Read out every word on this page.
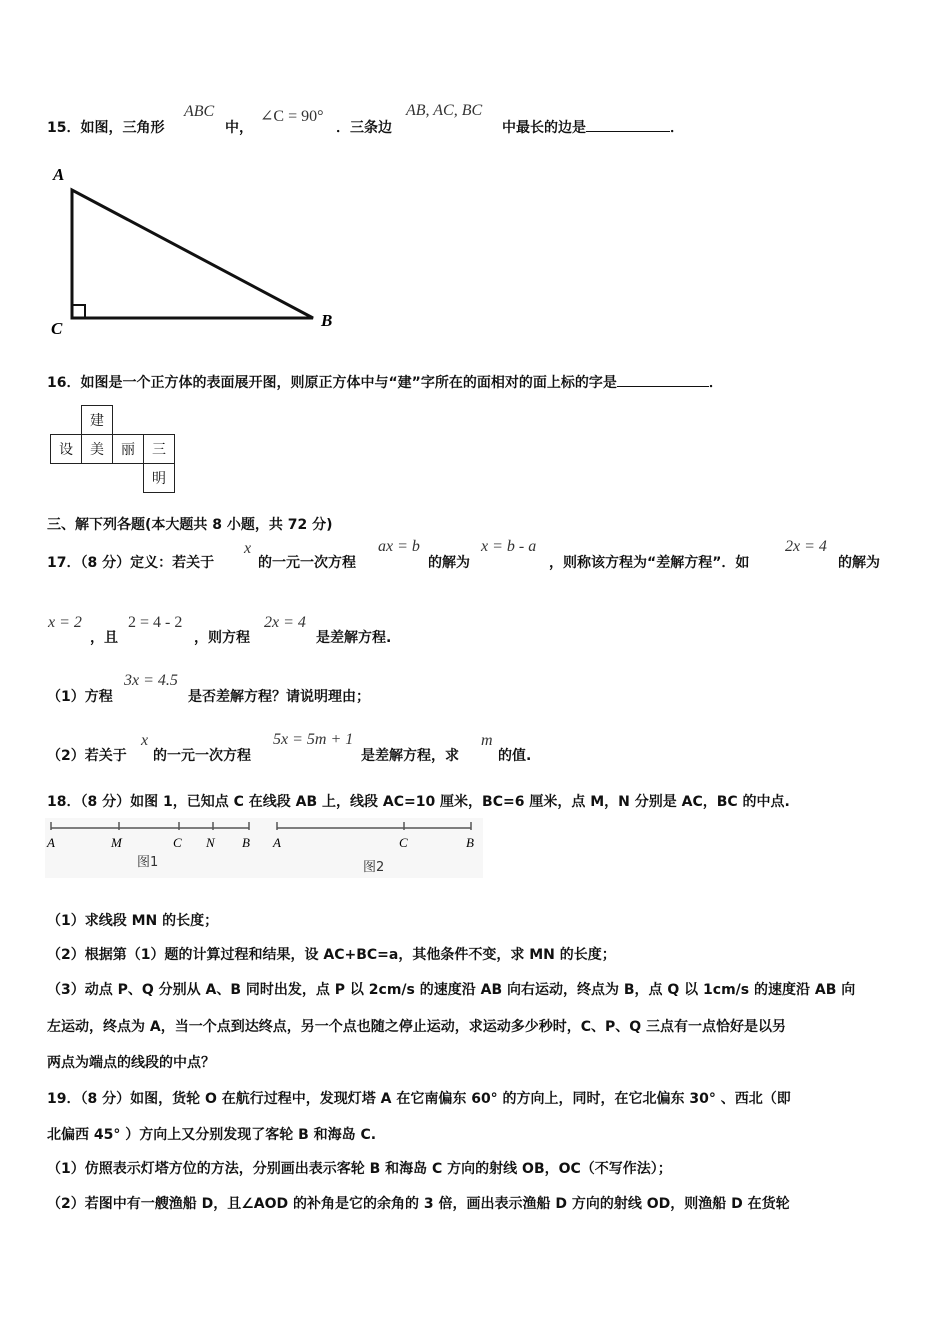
15．如图，三角形
ABC
中，
∠C = 90°
．三条边
AB, AC, BC
中最长的边是	．
A
C	B
16．如图是一个正方体的表面展开图，则原正方体中与“建”字所在的面相对的面上标的字是	．
	建		
设	美	丽	三
			明
三、解下列各题(本大题共 8 小题，共 72 分)
17．（8 分）定义：若关于
x
的一元一次方程
ax = b
的解为
x = b - a
，则称该方程为“差解方程”．如
2x = 4
的解为
x = 2
，且
2 = 4 - 2
，则方程
2x = 4
是差解方程.
（1）方程
3x = 4.5
是否差解方程？请说明理由；
（2）若关于
x
的一元一次方程
5x = 5m + 1
是差解方程，求
m
的值.
18．（8 分）如图 1，已知点 C 在线段 AB 上，线段 AC=10 厘米，BC=6 厘米，点 M，N 分别是 AC，BC 的中点.
A	M	C N B
图1
A	C	B
图2
（1）求线段 MN 的长度；
（2）根据第（1）题的计算过程和结果，设 AC+BC=a，其他条件不变，求 MN 的长度；
（3）动点 P、Q 分别从 A、B 同时出发，点 P 以 2cm/s 的速度沿 AB 向右运动，终点为 B，点 Q 以 1cm/s 的速度沿 AB 向
左运动，终点为 A，当一个点到达终点，另一个点也随之停止运动，求运动多少秒时，C、P、Q 三点有一点恰好是以另
两点为端点的线段的中点？
19．（8 分）如图，货轮 O 在航行过程中，发现灯塔 A 在它南偏东 60° 的方向上，同时，在它北偏东 30° 、西北（即
北偏西 45° ）方向上又分别发现了客轮 B 和海岛 C.
（1）仿照表示灯塔方位的方法，分别画出表示客轮 B 和海岛 C 方向的射线 OB，OC（不写作法）；
（2）若图中有一艘渔船 D，且∠AOD 的补角是它的余角的 3 倍，画出表示渔船 D 方向的射线 OD，则渔船 D 在货轮
